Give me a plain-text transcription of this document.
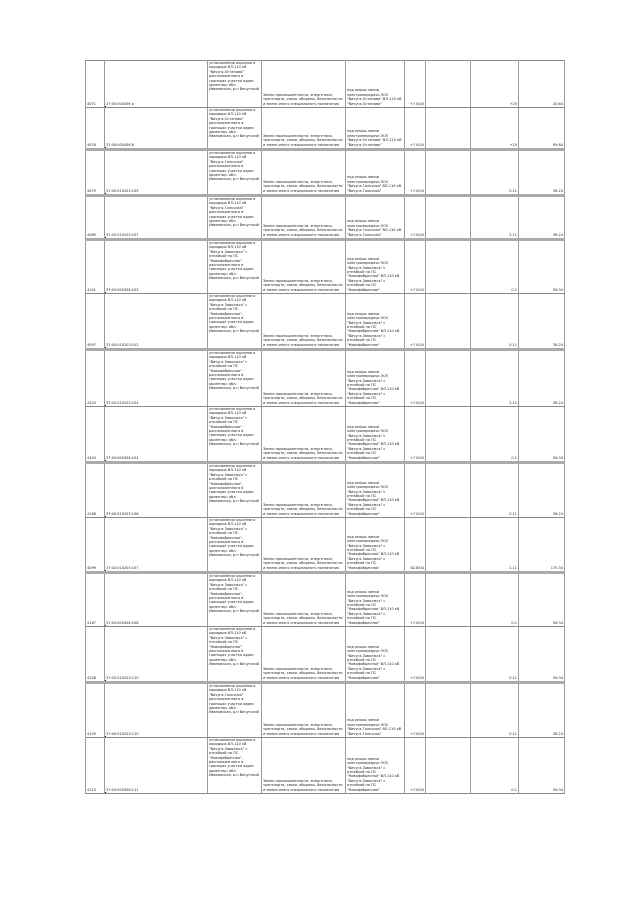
4071	37:00:000456 а	установлении охранного коридора ВЛ-110 кВ "Вичуга-Остапово" расположенного в границах участка адрес ориентир: обл. Ивановская, р-н Вичугский	Земли промышленности, энергетики, транспорта, связи, обороны, безопасности и земли иного специального назначения	под опоры линии электропередачи ЭСК "Вичуга-Остапово" ВЛ-110 кВ "Вичуга-Остапово"	+7.00/4		+20	20.64
4076	37:00:000456 б	установлении охранного коридора ВЛ-110 кВ "Вичуга-Остапово" расположенного в границах участка адрес ориентир: обл. Ивановская, р-н Вичугский	Земли промышленности, энергетики, транспорта, связи, обороны, безопасности и земли иного специального назначения	под опоры линии электропередачи ЭСК "Вичуга-Остапово" ВЛ-110 кВ "Вичуга-Остапово"	+7.00/4		+20	69.84
4079	37:00:010203:105	установлении охранного коридора ВЛ-110 кВ "Вичуга-Гольчиха" расположенного в границах участка адрес ориентир: обл. Ивановская, р-н Вичугский	Земли промышленности, энергетики, транспорта, связи, обороны, безопасности и земли иного специального назначения	под опоры линии электропередачи ЭСК "Вичуга-Гольчиха" ВЛ-110 кВ "Вичуга-Гольчиха"	+7.00/4		0.11	36.24
4089	37:02:010203:107	установлении охранного коридора ВЛ-110 кВ "Вичуга-Гольчиха" расположенного в границах участка адрес ориентир: обл. Ивановская, р-н Вичугский	Земли промышленности, энергетики, транспорта, связи, обороны, безопасности и земли иного специального назначения	под опоры линии электропередачи ЭСК "Вичуга-Гольчиха" ВЛ-110 кВ "Вичуга-Гольчиха"	+7.00/4		2.11	36.24
4141	37:00:000456:103	установлении охранного коридора ВЛ-110 кВ "Вичуга-Заволжск" с отпайкой на ПС "Новофабричная", расположенного в границах участка адрес ориентир: обл. Ивановская, р-н Вичугский	Земли промышленности, энергетики, транспорта, связи, обороны, безопасности и земли иного специального назначения	под опоры линии электропередачи ЭСК "Вичуга-Заволжск" с отпайкой на ПС "Новофабричная" ВЛ-110 кВ "Вичуга-Заволжск" с отпайкой на ПС "Новофабричная"	+7.00/4		0.1	56.34
4097	37:00:010203:102	установлении охранного коридора ВЛ-110 кВ "Вичуга-Заволжск" с отпайкой на ПС "Новофабричная", расположенного в границах участка адрес ориентир: обл. Ивановская, р-н Вичугский	Земли промышленности, энергетики, транспорта, связи, обороны, безопасности и земли иного специального назначения	под опоры линии электропередачи ЭСК "Вичуга-Заволжск" с отпайкой на ПС "Новофабричная" ВЛ-110 кВ "Вичуга-Заволжск" с отпайкой на ПС "Новофабричная"	+7.00/4		0.11	36.24
4103	37:02:010203:104	установлении охранного коридора ВЛ-110 кВ "Вичуга-Заволжск" с отпайкой на ПС "Новофабричная", расположенного в границах участка адрес ориентир: обл. Ивановская, р-н Вичугский	Земли промышленности, энергетики, транспорта, связи, обороны, безопасности и земли иного специального назначения	под опоры линии электропередачи ЭСК "Вичуга-Заволжск" с отпайкой на ПС "Новофабричная" ВЛ-110 кВ "Вичуга-Заволжск" с отпайкой на ПС "Новофабричная"	+7.00/4		2.11	36.24
4104	37:00:000456:104	установлении охранного коридора ВЛ-110 кВ "Вичуга-Заволжск" с отпайкой на ПС "Новофабричная", расположенного в границах участка адрес ориентир: обл. Ивановская, р-н Вичугский	Земли промышленности, энергетики, транспорта, связи, обороны, безопасности и земли иного специального назначения	под опоры линии электропередачи ЭСК "Вичуга-Заволжск" с отпайкой на ПС "Новофабричная" ВЛ-110 кВ "Вичуга-Заволжск" с отпайкой на ПС "Новофабричная"	+7.00/4		0.1	56.34
4168	37:00:010203:106	установлении охранного коридора ВЛ-110 кВ "Вичуга-Заволжск" с отпайкой на ПС "Новофабричная", расположенного в границах участка адрес ориентир: обл. Ивановская, р-н Вичугский	Земли промышленности, энергетики, транспорта, связи, обороны, безопасности и земли иного специального назначения	под опоры линии электропередачи ЭСК "Вичуга-Заволжск" с отпайкой на ПС "Новофабричная" ВЛ-110 кВ "Вичуга-Заволжск" с отпайкой на ПС "Новофабричная"	+7.00/4		0.11	36.24
4099	37:02:010203:107	установлении охранного коридора ВЛ-110 кВ "Вичуга-Заволжск" с отпайкой на ПС "Новофабричная", расположенного в границах участка адрес ориентир: обл. Ивановская, р-н Вичугский	Земли промышленности, энергетики, транспорта, связи, обороны, безопасности и земли иного специального назначения	под опоры линии электропередачи ЭСК "Вичуга-Заволжск" с отпайкой на ПС "Новофабричная" ВЛ-110 кВ "Вичуга-Заволжск" с отпайкой на ПС "Новофабричная"	82.85/4		2.11	175.34
4167	37:00:000456:108	установлении охранного коридора ВЛ-110 кВ "Вичуга-Заволжск" с отпайкой на ПС "Новофабричная", расположенного в границах участка адрес ориентир: обл. Ивановская, р-н Вичугский	Земли промышленности, энергетики, транспорта, связи, обороны, безопасности и земли иного специального назначения	под опоры линии электропередачи ЭСК "Вичуга-Заволжск" с отпайкой на ПС "Новофабричная" ВЛ-110 кВ "Вичуга-Заволжск" с отпайкой на ПС "Новофабричная"	+7.00/4		0.1	56.34
4108	37:02:010203:110	установлении охранного коридора ВЛ-110 кВ "Вичуга-Заволжск" с отпайкой на ПС "Новофабричная", расположенного в границах участка адрес ориентир: обл. Ивановская, р-н Вичугский	Земли промышленности, энергетики, транспорта, связи, обороны, безопасности и земли иного специального назначения	под опоры линии электропередачи ЭСК "Вичуга-Заволжск" с отпайкой на ПС "Новофабричная" ВЛ-110 кВ "Вичуга-Заволжск" с отпайкой на ПС "Новофабричная"	+7.00/4		0.11	56.34
4109	37:00:010203:110	установлении охранного коридора ВЛ-110 кВ "Вичуга-Гольчиха" расположенного в границах участка адрес ориентир: обл. Ивановская, р-н Вичугский	Земли промышленности, энергетики, транспорта, связи, обороны, безопасности и земли иного специального назначения	под опоры линии электропередачи ЭСК "Вичуга-Гольчиха" ВЛ-110 кВ "Вичуга-Гольчиха"	+7.00/4		0.11	36.24
4110	37:00:000456:111	установлении охранного коридора ВЛ-110 кВ "Вичуга-Заволжск" с отпайкой на ПС "Новофабричная", расположенного в границах участка адрес ориентир: обл. Ивановская, р-н Вичугский	Земли промышленности, энергетики, транспорта, связи, обороны, безопасности и земли иного специального назначения	под опоры линии электропередачи ЭСК "Вичуга-Заволжск" с отпайкой на ПС "Новофабричная" ВЛ-110 кВ "Вичуга-Заволжск" с отпайкой на ПС "Новофабричная"	+7.00/4		0.1	56.34
